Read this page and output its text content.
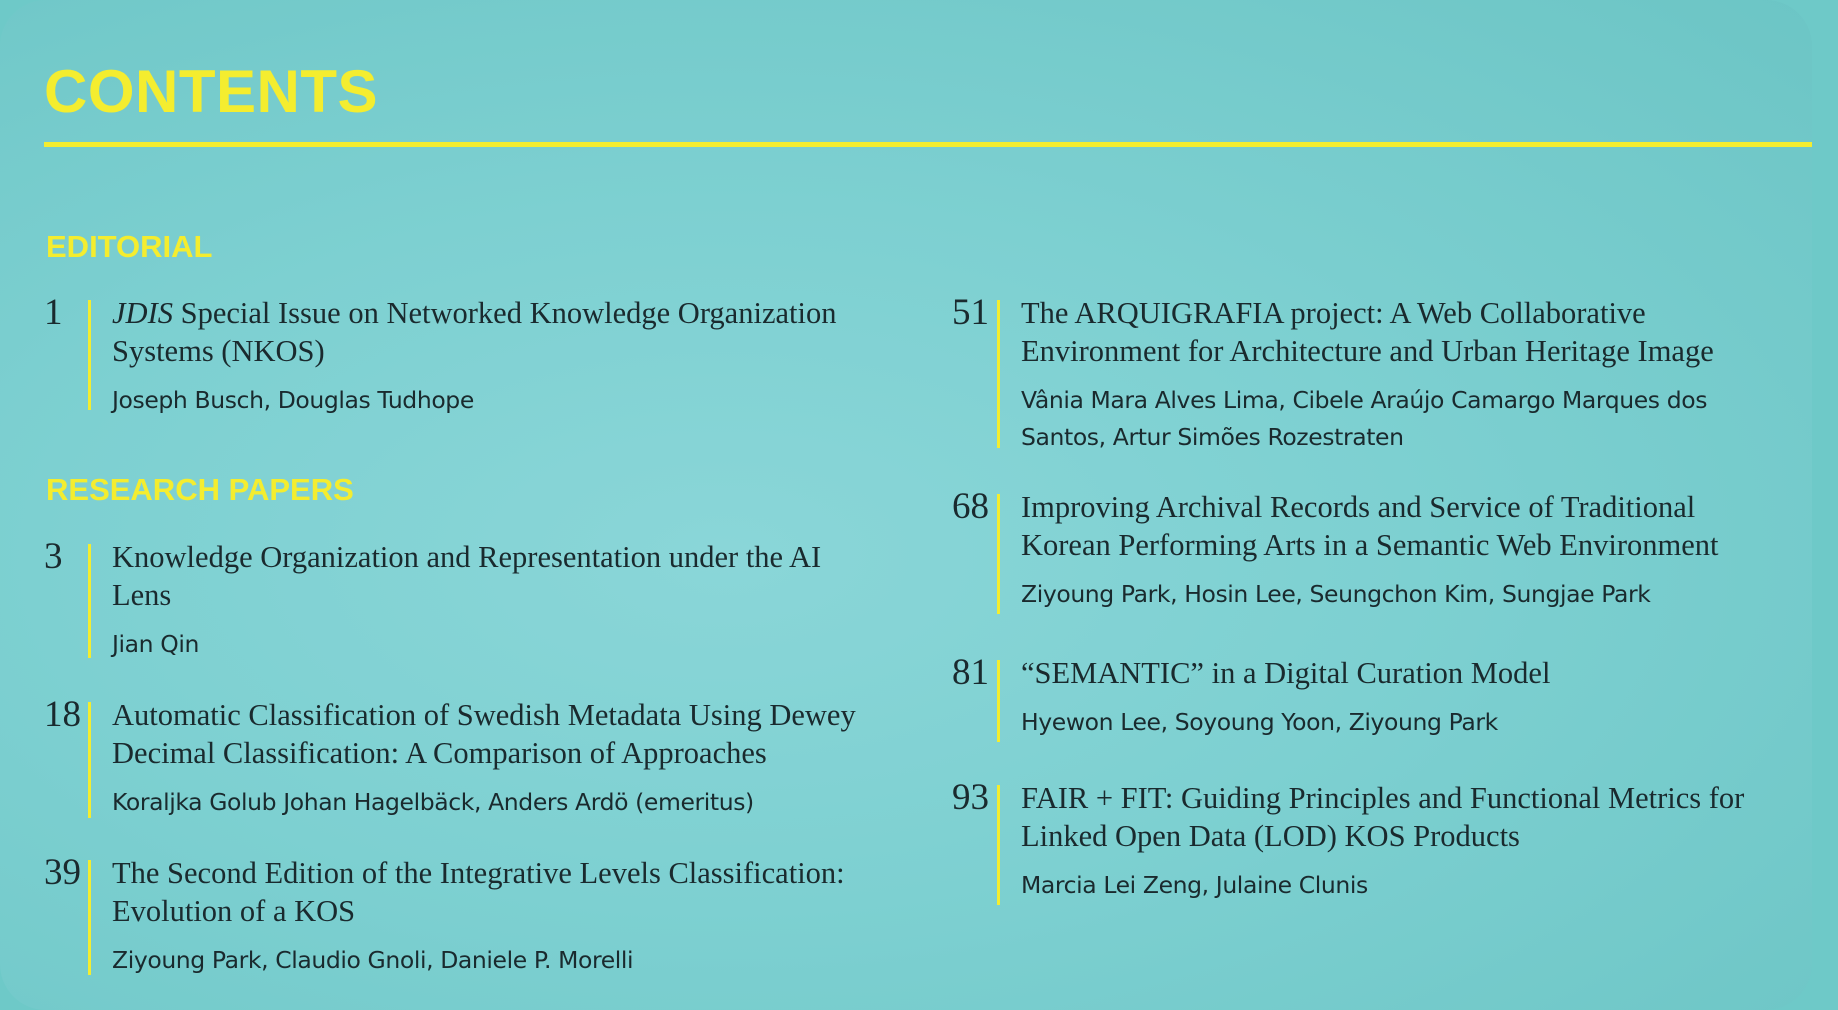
CONTENTS
EDITORIAL
1	JDIS Special Issue on Networked Knowledge Organization Systems (NKOS)
Joseph Busch, Douglas Tudhope
RESEARCH PAPERS
3	Knowledge Organization and Representation under the AI Lens
Jian Qin
18 Automatic Classification of Swedish Metadata Using Dewey Decimal Classification: A Comparison of Approaches
Koraljka Golub Johan Hagelbäck, Anders Ardö (emeritus)
39 The Second Edition of the Integrative Levels Classification: Evolution of a KOS
Ziyoung Park, Claudio Gnoli, Daniele P. Morelli
51 The ARQUIGRAFIA project: A Web Collaborative Environment for Architecture and Urban Heritage Image
Vânia Mara Alves Lima, Cibele Araújo Camargo Marques dos Santos, Artur Simões Rozestraten
68 Improving Archival Records and Service of Traditional Korean Performing Arts in a Semantic Web Environment
Ziyoung Park, Hosin Lee, Seungchon Kim, Sungjae Park
81 “SEMANTIC” in a Digital Curation Model
Hyewon Lee, Soyoung Yoon, Ziyoung Park
93 FAIR + FIT: Guiding Principles and Functional Metrics for Linked Open Data (LOD) KOS Products
Marcia Lei Zeng, Julaine Clunis
